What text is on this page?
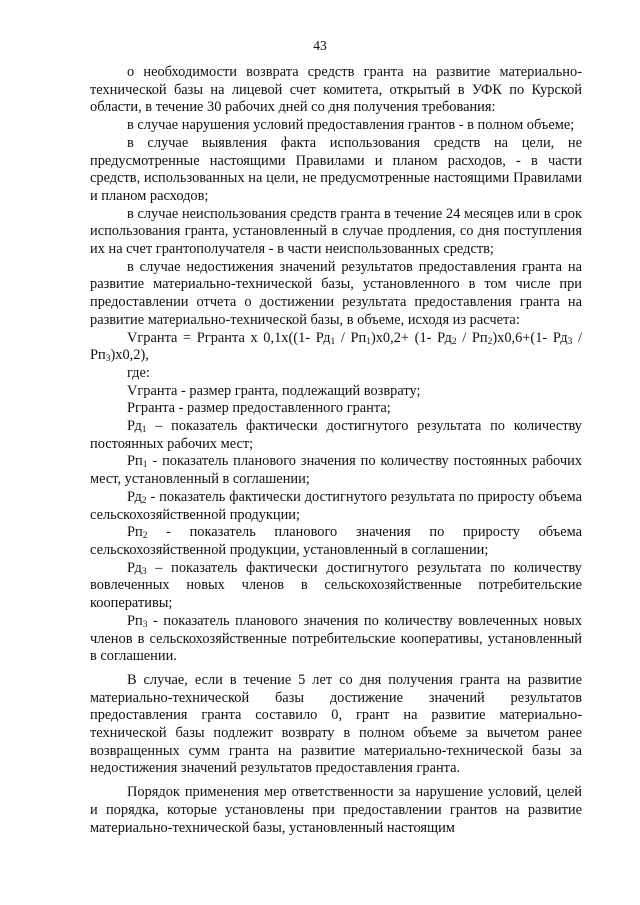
43

о необходимости возврата средств гранта на развитие материально-технической базы на лицевой счет комитета, открытый в УФК по Курской области, в течение 30 рабочих дней со дня получения требования:

в случае нарушения условий предоставления грантов - в полном объеме;

в случае выявления факта использования средств на цели, не предусмотренные настоящими Правилами и планом расходов, - в части средств, использованных на цели, не предусмотренные настоящими Правилами и планом расходов;

в случае неиспользования средств гранта в течение 24 месяцев или в срок использования гранта, установленный в случае продления, со дня поступления их на счет грантополучателя - в части неиспользованных средств;

в случае недостижения значений результатов предоставления гранта на развитие материально-технической базы, установленного в том числе при предоставлении отчета о достижении результата предоставления гранта на развитие материально-технической базы, в объеме, исходя из расчета:

Vгранта = Ргранта х 0,1х((1- $Рд_1 / Рп_1)х0,2+ (1-$ $Рд_2 / Рп_2)х0,6+(1-$ $Рд_3 / Рп_3)х0,2$),

где:

Vгранта - размер гранта, подлежащий возврату;

Ргранта - размер предоставленного гранта;

$Рд_1$ – показатель фактически достигнутого результата по количеству постоянных рабочих мест;

$Рп_1$ - показатель планового значения по количеству постоянных рабочих мест, установленный в соглашении;

$Рд_2$ - показатель фактически достигнутого результата по приросту объема сельскохозяйственной продукции;

$Рп_2$ - показатель планового значения по приросту объема сельскохозяйственной продукции, установленный в соглашении;

$Рд_3$ – показатель фактически достигнутого результата по количеству вовлеченных новых членов в сельскохозяйственные потребительские кооперативы;

$Рп_3$ - показатель планового значения по количеству вовлеченных новых членов в сельскохозяйственные потребительские кооперативы, установленный в соглашении.

В случае, если в течение 5 лет со дня получения гранта на развитие материально-технической базы достижение значений результатов предоставления гранта составило 0, грант на развитие материально-технической базы подлежит возврату в полном объеме за вычетом ранее возвращенных сумм гранта на развитие материально-технической базы за недостижения значений результатов предоставления гранта.

Порядок применения мер ответственности за нарушение условий, целей и порядка, которые установлены при предоставлении грантов на развитие материально-технической базы, установленный настоящим
